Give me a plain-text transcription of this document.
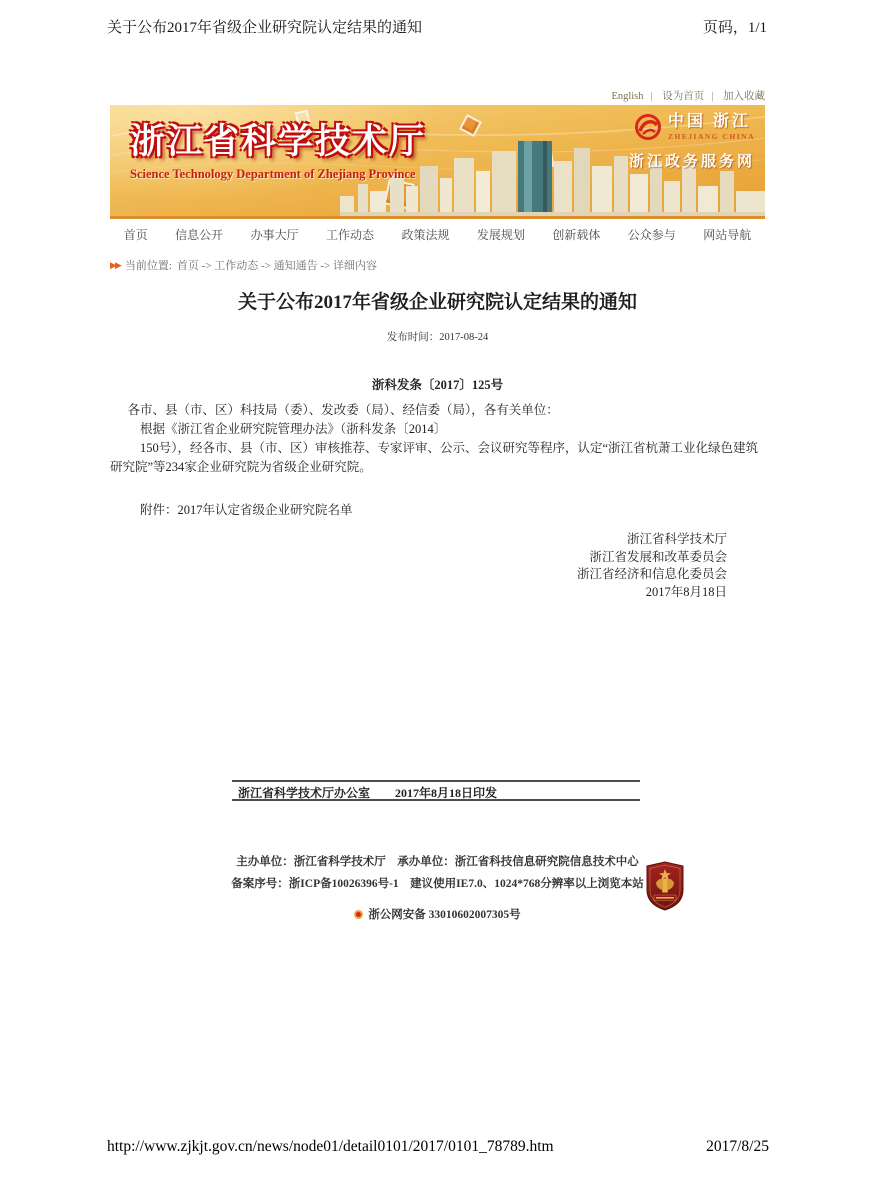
关于公布2017年省级企业研究院认定结果的通知	页码，1/1
English | 设为首页 | 加入收藏
浙江省科学技术厅
Science Technology Department of Zhejiang Province
中国 浙江
ZHEJIANG CHINA
浙江政务服务网
首页 信息公开 办事大厅 工作动态 政策法规 发展规划 创新载体 公众参与 网站导航
▶▶ 当前位置: 首页 -> 工作动态 -> 通知通告 -> 详细内容
关于公布2017年省级企业研究院认定结果的通知
发布时间：2017-08-24
浙科发条〔2017〕125号
各市、县（市、区）科技局（委）、发改委（局）、经信委（局），各有关单位：
根据《浙江省企业研究院管理办法》（浙科发条〔2014〕
150号），经各市、县（市、区）审核推荐、专家评审、公示、会议研究等程序，认定“浙江省杭萧工业化绿色建筑研究院”等234家企业研究院为省级企业研究院。
附件：2017年认定省级企业研究院名单
浙江省科学技术厅
浙江省发展和改革委员会
浙江省经济和信息化委员会
2017年8月18日
浙江省科学技术厅办公室 2017年8月18日印发
主办单位：浙江省科学技术厅　承办单位：浙江省科技信息研究院信息技术中心
备案序号：浙ICP备10026396号-1　建议使用IE7.0、1024*768分辨率以上浏览本站
浙公网安备 33010602007305号
http://www.zjkjt.gov.cn/news/node01/detail0101/2017/0101_78789.htm	2017/8/25
